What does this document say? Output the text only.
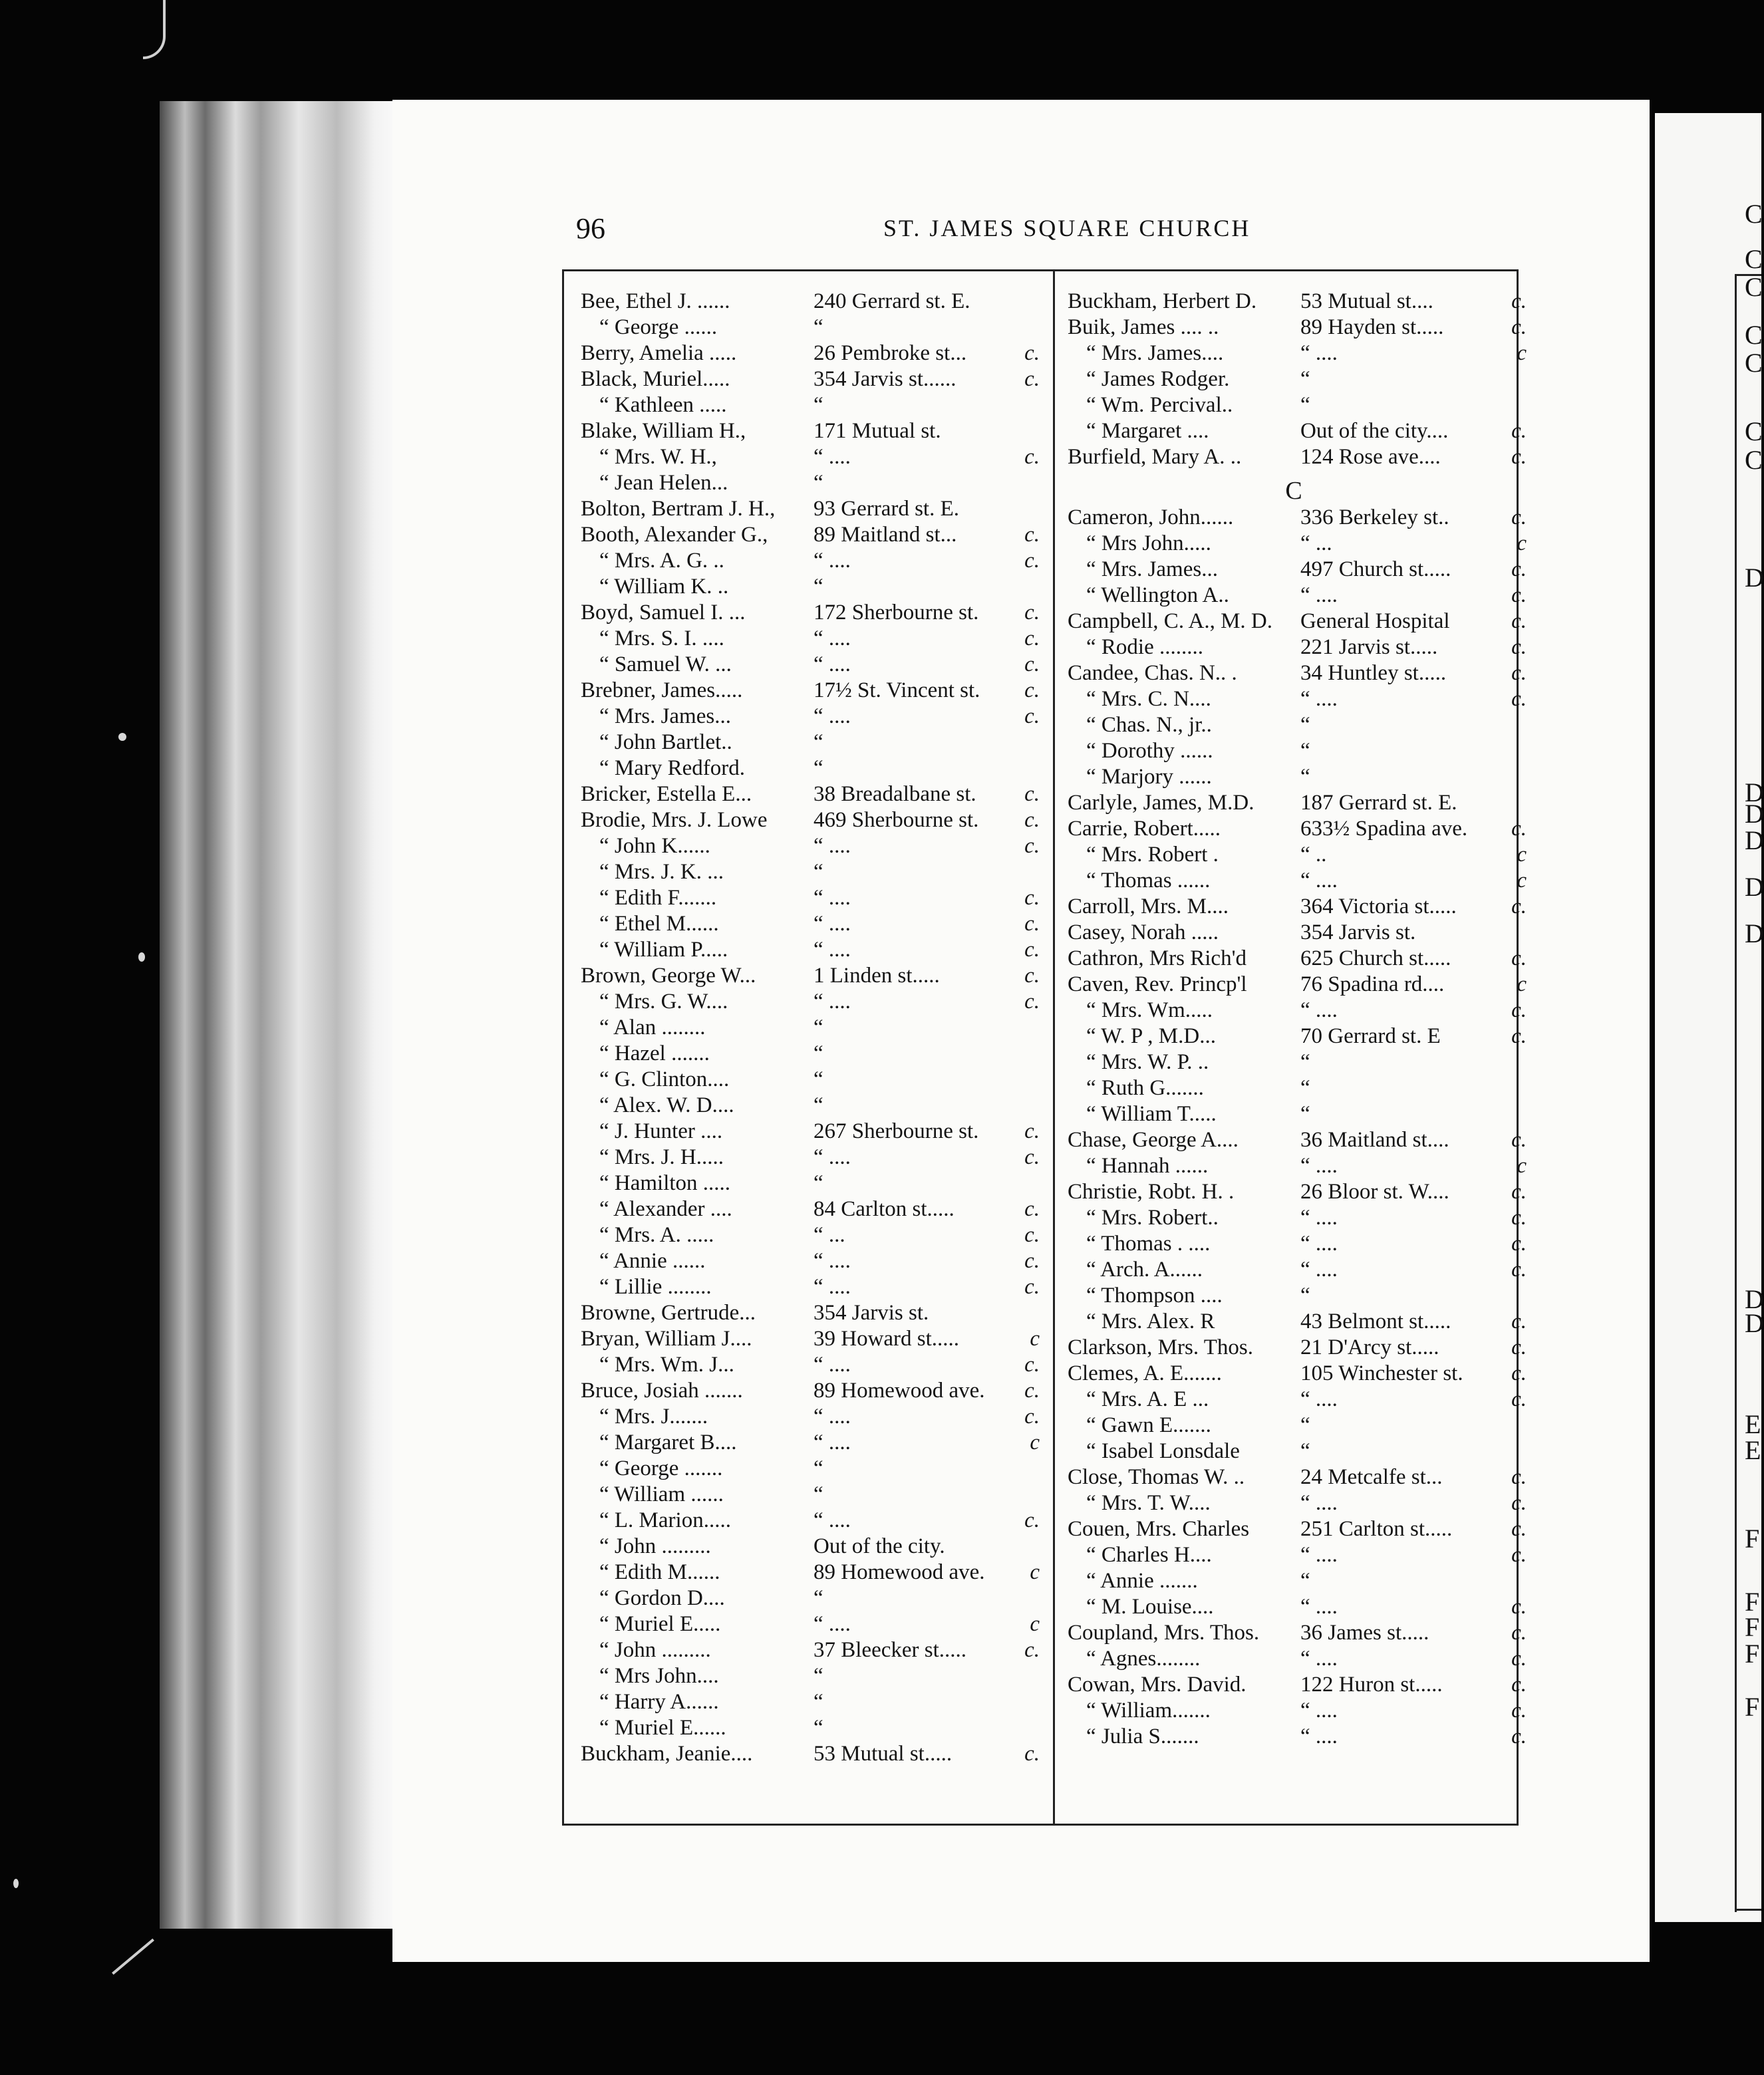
C
C
C
C
C
C
C
D
D
D
D
D
D
D
D
E
E
F
F
F
F
F
96	ST. JAMES SQUARE CHURCH
Bee, Ethel J. ......	240 Gerrard st. E.
“ George ......	“
Berry, Amelia .....	26 Pembroke st...	c.
Black, Muriel.....	354 Jarvis st......	c.
“ Kathleen .....	“
Blake, William H.,	171 Mutual st.
“ Mrs. W. H.,	“ ....	c.
“ Jean Helen...	“
Bolton, Bertram J. H., 93 Gerrard st. E.
Booth, Alexander G., 89 Maitland st...	c.
“ Mrs. A. G. ..	“ ....	c.
“ William K. ..	“
Boyd, Samuel I. ...	172 Sherbourne st. c.
“ Mrs. S. I. ....	“ ....	c.
“ Samuel W. ...	“ ....	c.
Brebner, James.....	17½ St. Vincent st. c.
“ Mrs. James...	“ ....	c.
“ John Bartlet..	“
“ Mary Redford.	“
Bricker, Estella E...	38 Breadalbane st. c.
Brodie, Mrs. J. Lowe 469 Sherbourne st. c.
“ John K......	“ ....	c.
“ Mrs. J. K. ...	“
“ Edith F.......	“ ....	c.
“ Ethel M......	“ ....	c.
“ William P.....	“ ....	c.
Brown, George W...	1 Linden st.....	c.
“ Mrs. G. W....	“ ....	c.
“ Alan ........	“
“ Hazel .......	“
“ G. Clinton....	“
“ Alex. W. D....	“
“ J. Hunter ....	267 Sherbourne st. c.
“ Mrs. J. H.....	“ ....	c.
“ Hamilton .....	“
“ Alexander ....	84 Carlton st.....	c.
“ Mrs. A. .....	“ ...	c.
“ Annie ......	“ ....	c.
“ Lillie ........	“ ....	c.
Browne, Gertrude...	354 Jarvis st.
Bryan, William J....	39 Howard st.....	c
“ Mrs. Wm. J...	“ ....	c.
Bruce, Josiah .......	89 Homewood ave. c.
“ Mrs. J.......	“ ....	c.
“ Margaret B....	“ ....	c
“ George .......	“
“ William ......	“
“ L. Marion.....	“ ....	c.
“ John .........	Out of the city.
“ Edith M......	89 Homewood ave. c
“ Gordon D....	“
“ Muriel E.....	“ ....	c
“ John .........	37 Bleecker st.....	c.
“ Mrs John....	“
“ Harry A......	“
“ Muriel E......	“
Buckham, Jeanie....	53 Mutual st.....	c.
Buckham, Herbert D. 53 Mutual st....	c.
Buik, James .... ..	89 Hayden st.....	c.
“ Mrs. James....	“ ....	c
“ James Rodger.	“
“ Wm. Percival..	“
“ Margaret ....	Out of the city....	c.
Burfield, Mary A. ..	124 Rose ave....	c.
C
Cameron, John......	336 Berkeley st..	c.
“ Mrs John.....	“ ...	c
“ Mrs. James...	497 Church st.....	c.
“ Wellington A..	“ ....	c.
Campbell, C. A., M. D. General Hospital	c.
“ Rodie ........	221 Jarvis st.....	c.
Candee, Chas. N.. .	34 Huntley st.....	c.
“ Mrs. C. N....	“ ....	c.
“ Chas. N., jr..	“
“ Dorothy ......	“
“ Marjory ......	“
Carlyle, James, M.D. 187 Gerrard st. E.
Carrie, Robert.....	633½ Spadina ave. c.
“ Mrs. Robert .	“ ..	c
“ Thomas ......	“ ....	c
Carroll, Mrs. M....	364 Victoria st..... c.
Casey, Norah .....	354 Jarvis st.
Cathron, Mrs Rich'd 625 Church st.....	c.
Caven, Rev. Princp'l 76 Spadina rd....	c
“ Mrs. Wm.....	“ ....	c.
“ W. P , M.D...	70 Gerrard st. E	c.
“ Mrs. W. P. ..	“
“ Ruth G.......	“
“ William T.....	“
Chase, George A....	36 Maitland st....	c.
“ Hannah ......	“ ....	c
Christie, Robt. H. .	26 Bloor st. W....	c.
“ Mrs. Robert..	“ ....	c.
“ Thomas . ....	“ ....	c.
“ Arch. A......	“ ....	c.
“ Thompson ....	“
“ Mrs. Alex. R	43 Belmont st.....	c.
Clarkson, Mrs. Thos. 21 D'Arcy st.....	c.
Clemes, A. E.......	105 Winchester st. c.
“ Mrs. A. E ...	“ ....	c.
“ Gawn E.......	“
“ Isabel Lonsdale	“
Close, Thomas W. ..	24 Metcalfe st...	c.
“ Mrs. T. W....	“ ....	c.
Couen, Mrs. Charles 251 Carlton st.....	c.
“ Charles H....	“ ....	c.
“ Annie .......	“
“ M. Louise....	“ ....	c.
Coupland, Mrs. Thos. 36 James st.....	c.
“ Agnes........	“ ....	c.
Cowan, Mrs. David. 122 Huron st.....	c.
“ William.......	“ ....	c.
“ Julia S.......	“ ....	c.
